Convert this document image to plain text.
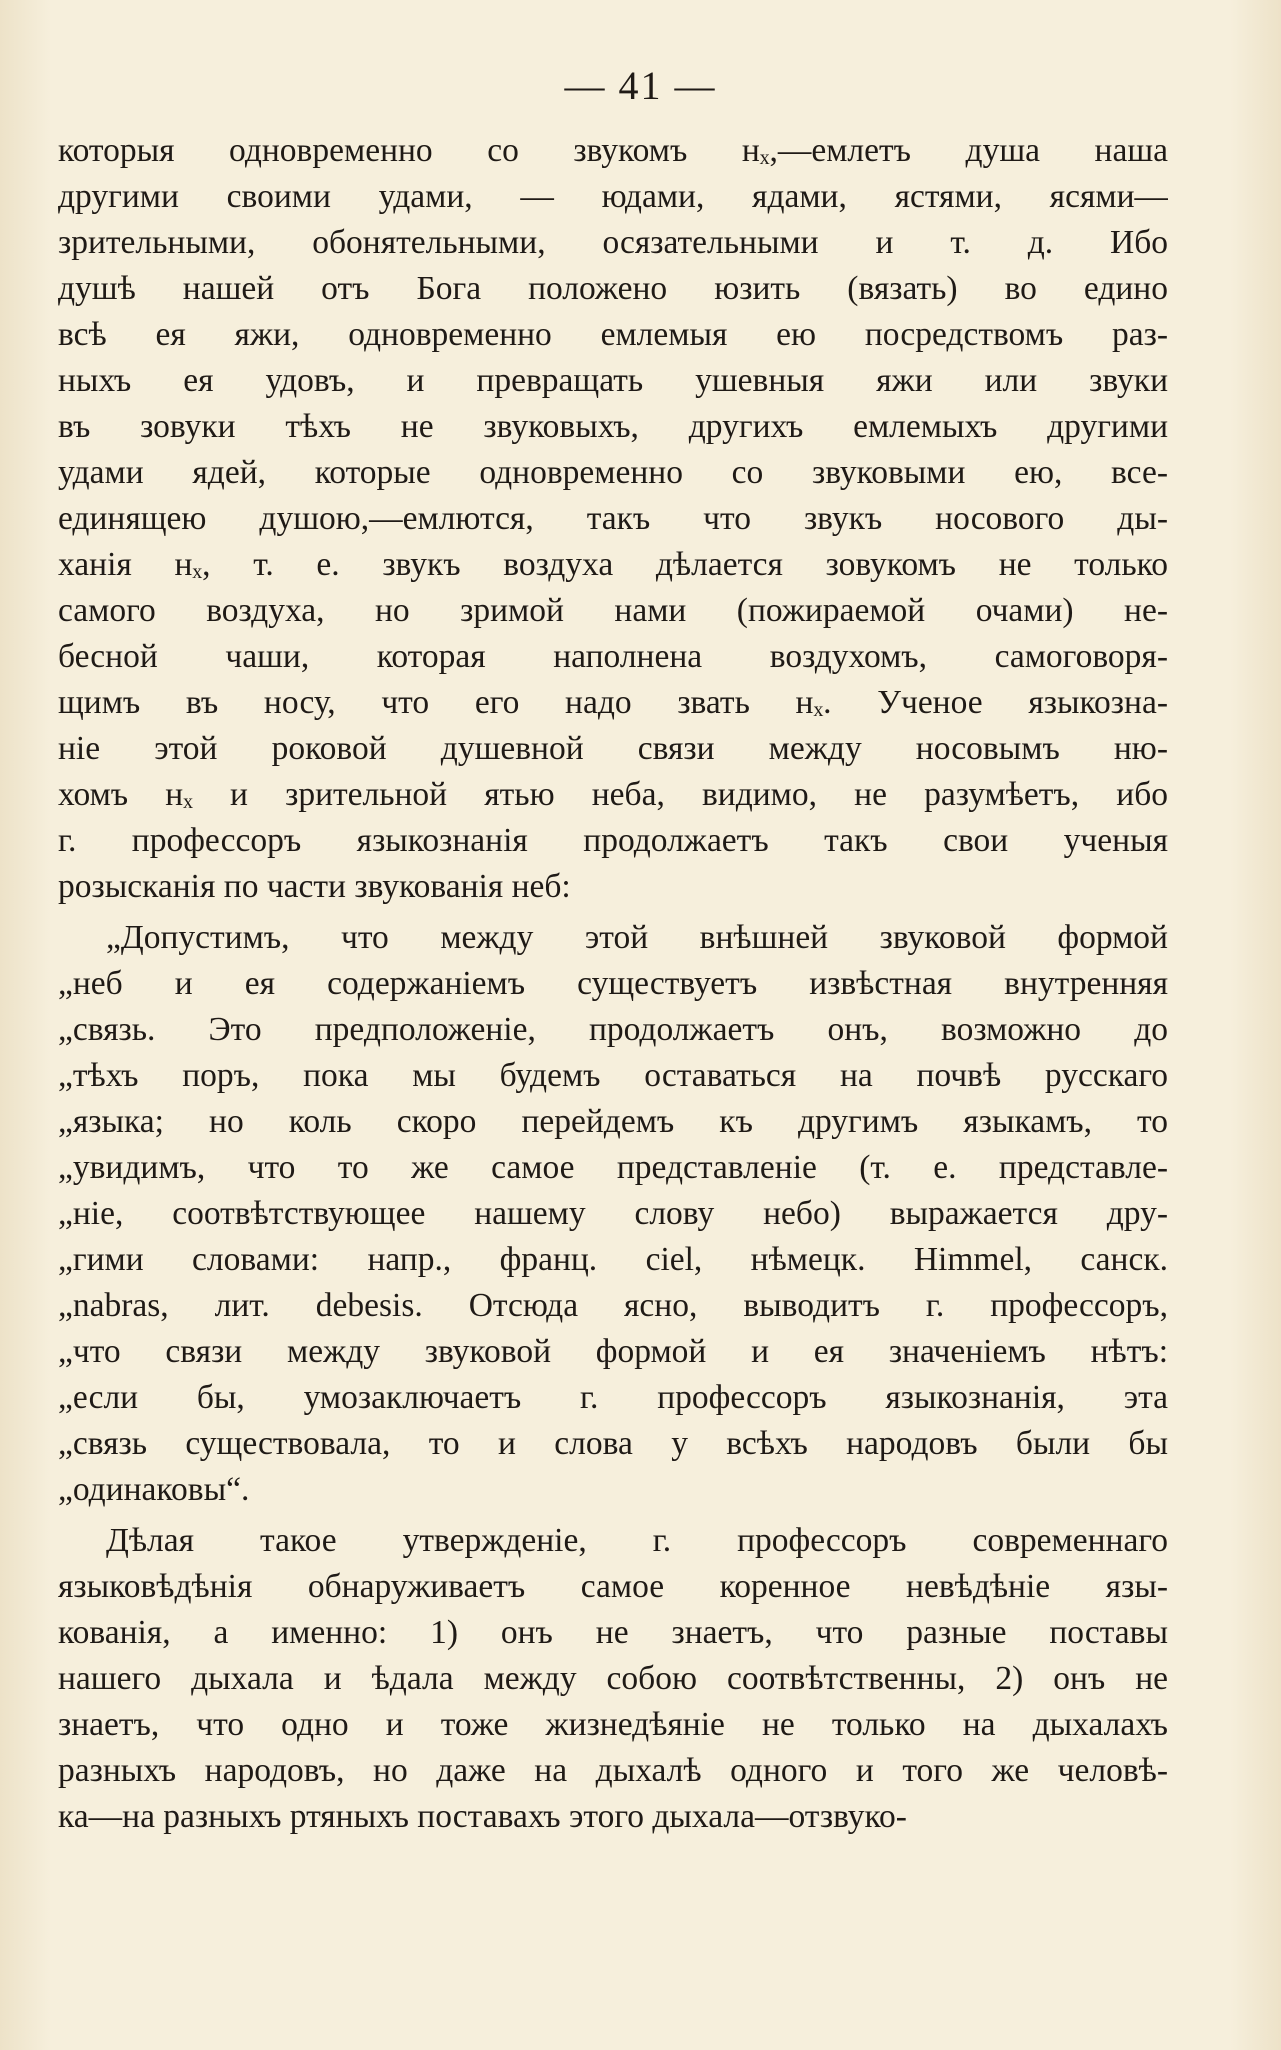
— 41 —
которыя одновременно со звукомъ нₓ,—емлетъ душа наша
другими своими удами, — юдами, ядами, ястями, ясями—
зрительными, обонятельными, осязательными и т. д. Ибо
душѣ нашей отъ Бога положено юзить (вязать) во едино
всѣ ея яжи, одновременно емлемыя ею посредствомъ раз-
ныхъ ея удовъ, и превращать ушевныя яжи или звуки
въ зовуки тѣхъ не звуковыхъ, другихъ емлемыхъ другими
удами ядей, которые одновременно со звуковыми ею, все-
единящею душою,—емлются, такъ что звукъ носового ды-
ханія нₓ, т. е. звукъ воздуха дѣлается зовукомъ не только
самого воздуха, но зримой нами (пожираемой очами) не-
бесной чаши, которая наполнена воздухомъ, самоговоря-
щимъ въ носу, что его надо звать нₓ. Ученое языкозна-
ніе этой роковой душевной связи между носовымъ ню-
хомъ нₓ и зрительной ятью неба, видимо, не разумѣетъ, ибо
г. профессоръ языкознанія продолжаетъ такъ свои ученыя
розысканія по части звукованія неб:
„Допустимъ, что между этой внѣшней звуковой формой
„неб и ея содержаніемъ существуетъ извѣстная внутренняя
„связь. Это предположеніе, продолжаетъ онъ, возможно до
„тѣхъ поръ, пока мы будемъ оставаться на почвѣ русскаго
„языка; но коль скоро перейдемъ къ другимъ языкамъ, то
„увидимъ, что то же самое представленіе (т. е. представле-
„ніе, соотвѣтствующее нашему слову небо) выражается дру-
„гими словами: напр., франц. ciel, нѣмецк. Himmel, санск.
„nabras, лит. debesis. Отсюда ясно, выводитъ г. профессоръ,
„что связи между звуковой формой и ея значеніемъ нѣтъ:
„если бы, умозаключаетъ г. профессоръ языкознанія, эта
„связь существовала, то и слова у всѣхъ народовъ были бы
„одинаковы“.
Дѣлая такое утвержденіе, г. профессоръ современнаго
языковѣдѣнія обнаруживаетъ самое коренное невѣдѣніе язы-
кованія, а именно: 1) онъ не знаетъ, что разные поставы
нашего дыхала и ѣдала между собою соотвѣтственны, 2) онъ не
знаетъ, что одно и тоже жизнедѣяніе не только на дыхалахъ
разныхъ народовъ, но даже на дыхалѣ одного и того же человѣ-
ка—на разныхъ ртяныхъ поставахъ этого дыхала—отзвуко-
